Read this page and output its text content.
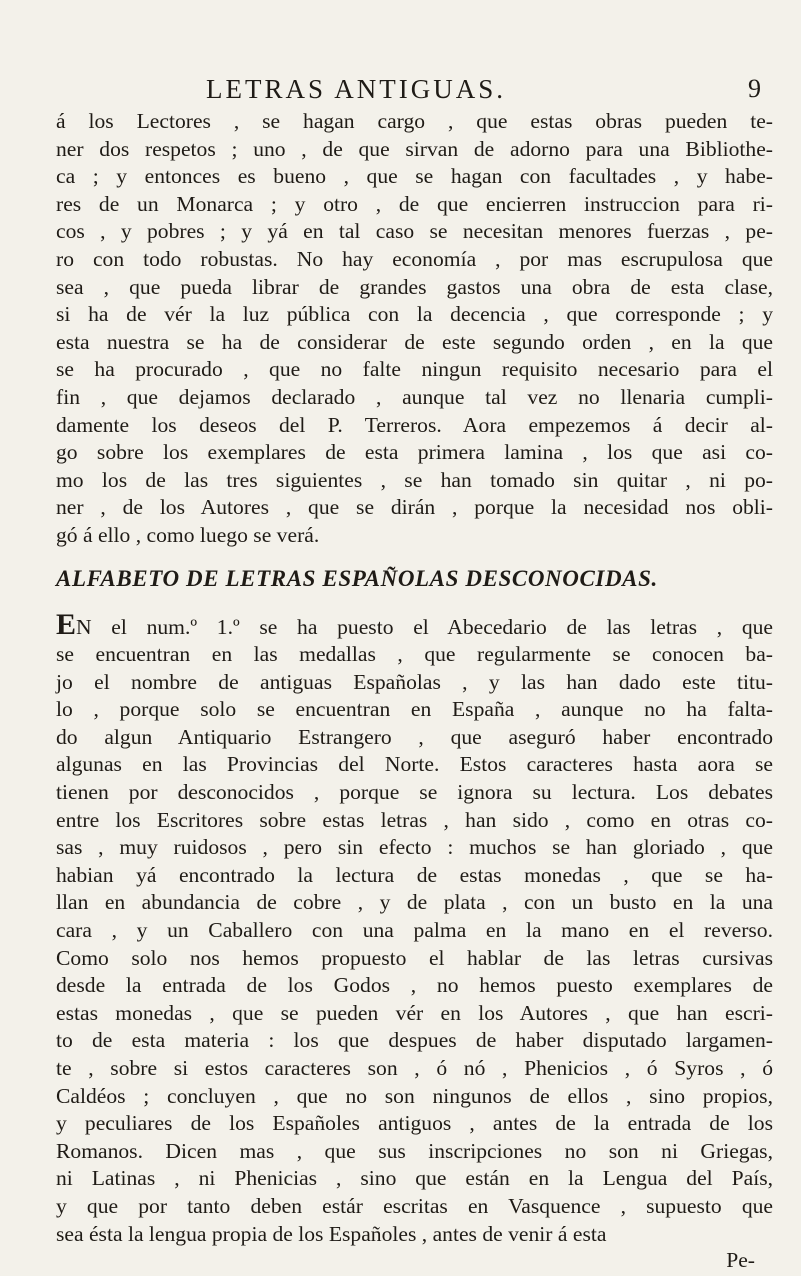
LETRAS ANTIGUAS.	9

á los Lectores , se hagan cargo , que estas obras pueden te-
ner dos respetos ; uno , de que sirvan de adorno para una Bibliothe-
ca ; y entonces es bueno , que se hagan con facultades , y habe-
res de un Monarca ; y otro , de que encierren instruccion para ri-
cos , y pobres ; y yá en tal caso se necesitan menores fuerzas , pe-
ro con todo robustas. No hay economía , por mas escrupulosa que
sea , que pueda librar de grandes gastos una obra de esta clase,
si ha de vér la luz pública con la decencia , que corresponde ; y
esta nuestra se ha de considerar de este segundo orden , en la que
se ha procurado , que no falte ningun requisito necesario para el
fin , que dejamos declarado , aunque tal vez no llenaria cumpli-
damente los deseos del P. Terreros. Aora empezemos á decir al-
go sobre los exemplares de esta primera lamina , los que asi co-
mo los de las tres siguientes , se han tomado sin quitar , ni po-
ner , de los Autores , que se dirán , porque la necesidad nos obli-
gó á ello , como luego se verá.

ALFABETO DE LETRAS ESPAÑOLAS DESCONOCIDAS.

EN el num.º 1.º se ha puesto el Abecedario de las letras , que
se encuentran en las medallas , que regularmente se conocen ba-
jo el nombre de antiguas Españolas , y las han dado este titu-
lo , porque solo se encuentran en España , aunque no ha falta-
do algun Antiquario Estrangero , que aseguró haber encontrado
algunas en las Provincias del Norte. Estos caracteres hasta aora se
tienen por desconocidos , porque se ignora su lectura. Los debates
entre los Escritores sobre estas letras , han sido , como en otras co-
sas , muy ruidosos , pero sin efecto : muchos se han gloriado , que
habian yá encontrado la lectura de estas monedas , que se ha-
llan en abundancia de cobre , y de plata , con un busto en la una
cara , y un Caballero con una palma en la mano en el reverso.
Como solo nos hemos propuesto el hablar de las letras cursivas
desde la entrada de los Godos , no hemos puesto exemplares de
estas monedas , que se pueden vér en los Autores , que han escri-
to de esta materia : los que despues de haber disputado largamen-
te , sobre si estos caracteres son , ó nó , Phenicios , ó Syros , ó
Caldéos ; concluyen , que no son ningunos de ellos , sino propios,
y peculiares de los Españoles antiguos , antes de la entrada de los
Romanos. Dicen mas , que sus inscripciones no son ni Griegas,
ni Latinas , ni Phenicias , sino que están en la Lengua del País,
y que por tanto deben estár escritas en Vasquence , supuesto que
sea ésta la lengua propia de los Españoles , antes de venir á esta

Pe-
